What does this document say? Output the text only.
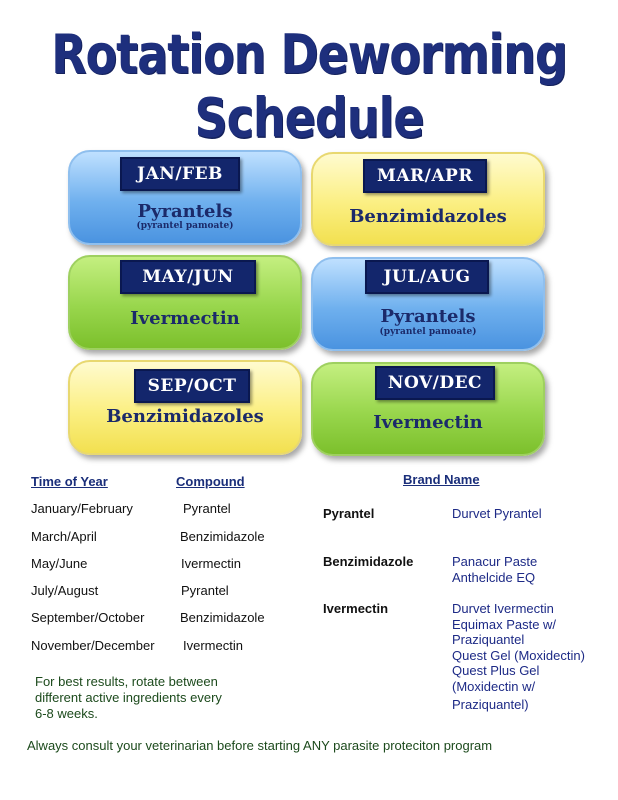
Rotation Deworming Schedule
JAN/FEB
Pyrantels
(pyrantel pamoate)
MAR/APR
Benzimidazoles
MAY/JUN
Ivermectin
JUL/AUG
Pyrantels
(pyrantel pamoate)
SEP/OCT
Benzimidazoles
NOV/DEC
Ivermectin
Time of Year	Compound
January/February	Pyrantel
March/April	Benzimidazole
May/June	Ivermectin
July/August	Pyrantel
September/October	Benzimidazole
November/December Ivermectin
Brand Name
Pyrantel	Durvet Pyrantel
Benzimidazole	Panacur Paste
Anthelcide EQ
Ivermectin	Durvet Ivermectin
Equimax Paste w/
Praziquantel
Quest Gel (Moxidectin)
Quest Plus Gel
(Moxidectin w/
Praziquantel)
For best results, rotate between
different active ingredients every
6-8 weeks.
Always consult your veterinarian before starting ANY parasite proteciton program
